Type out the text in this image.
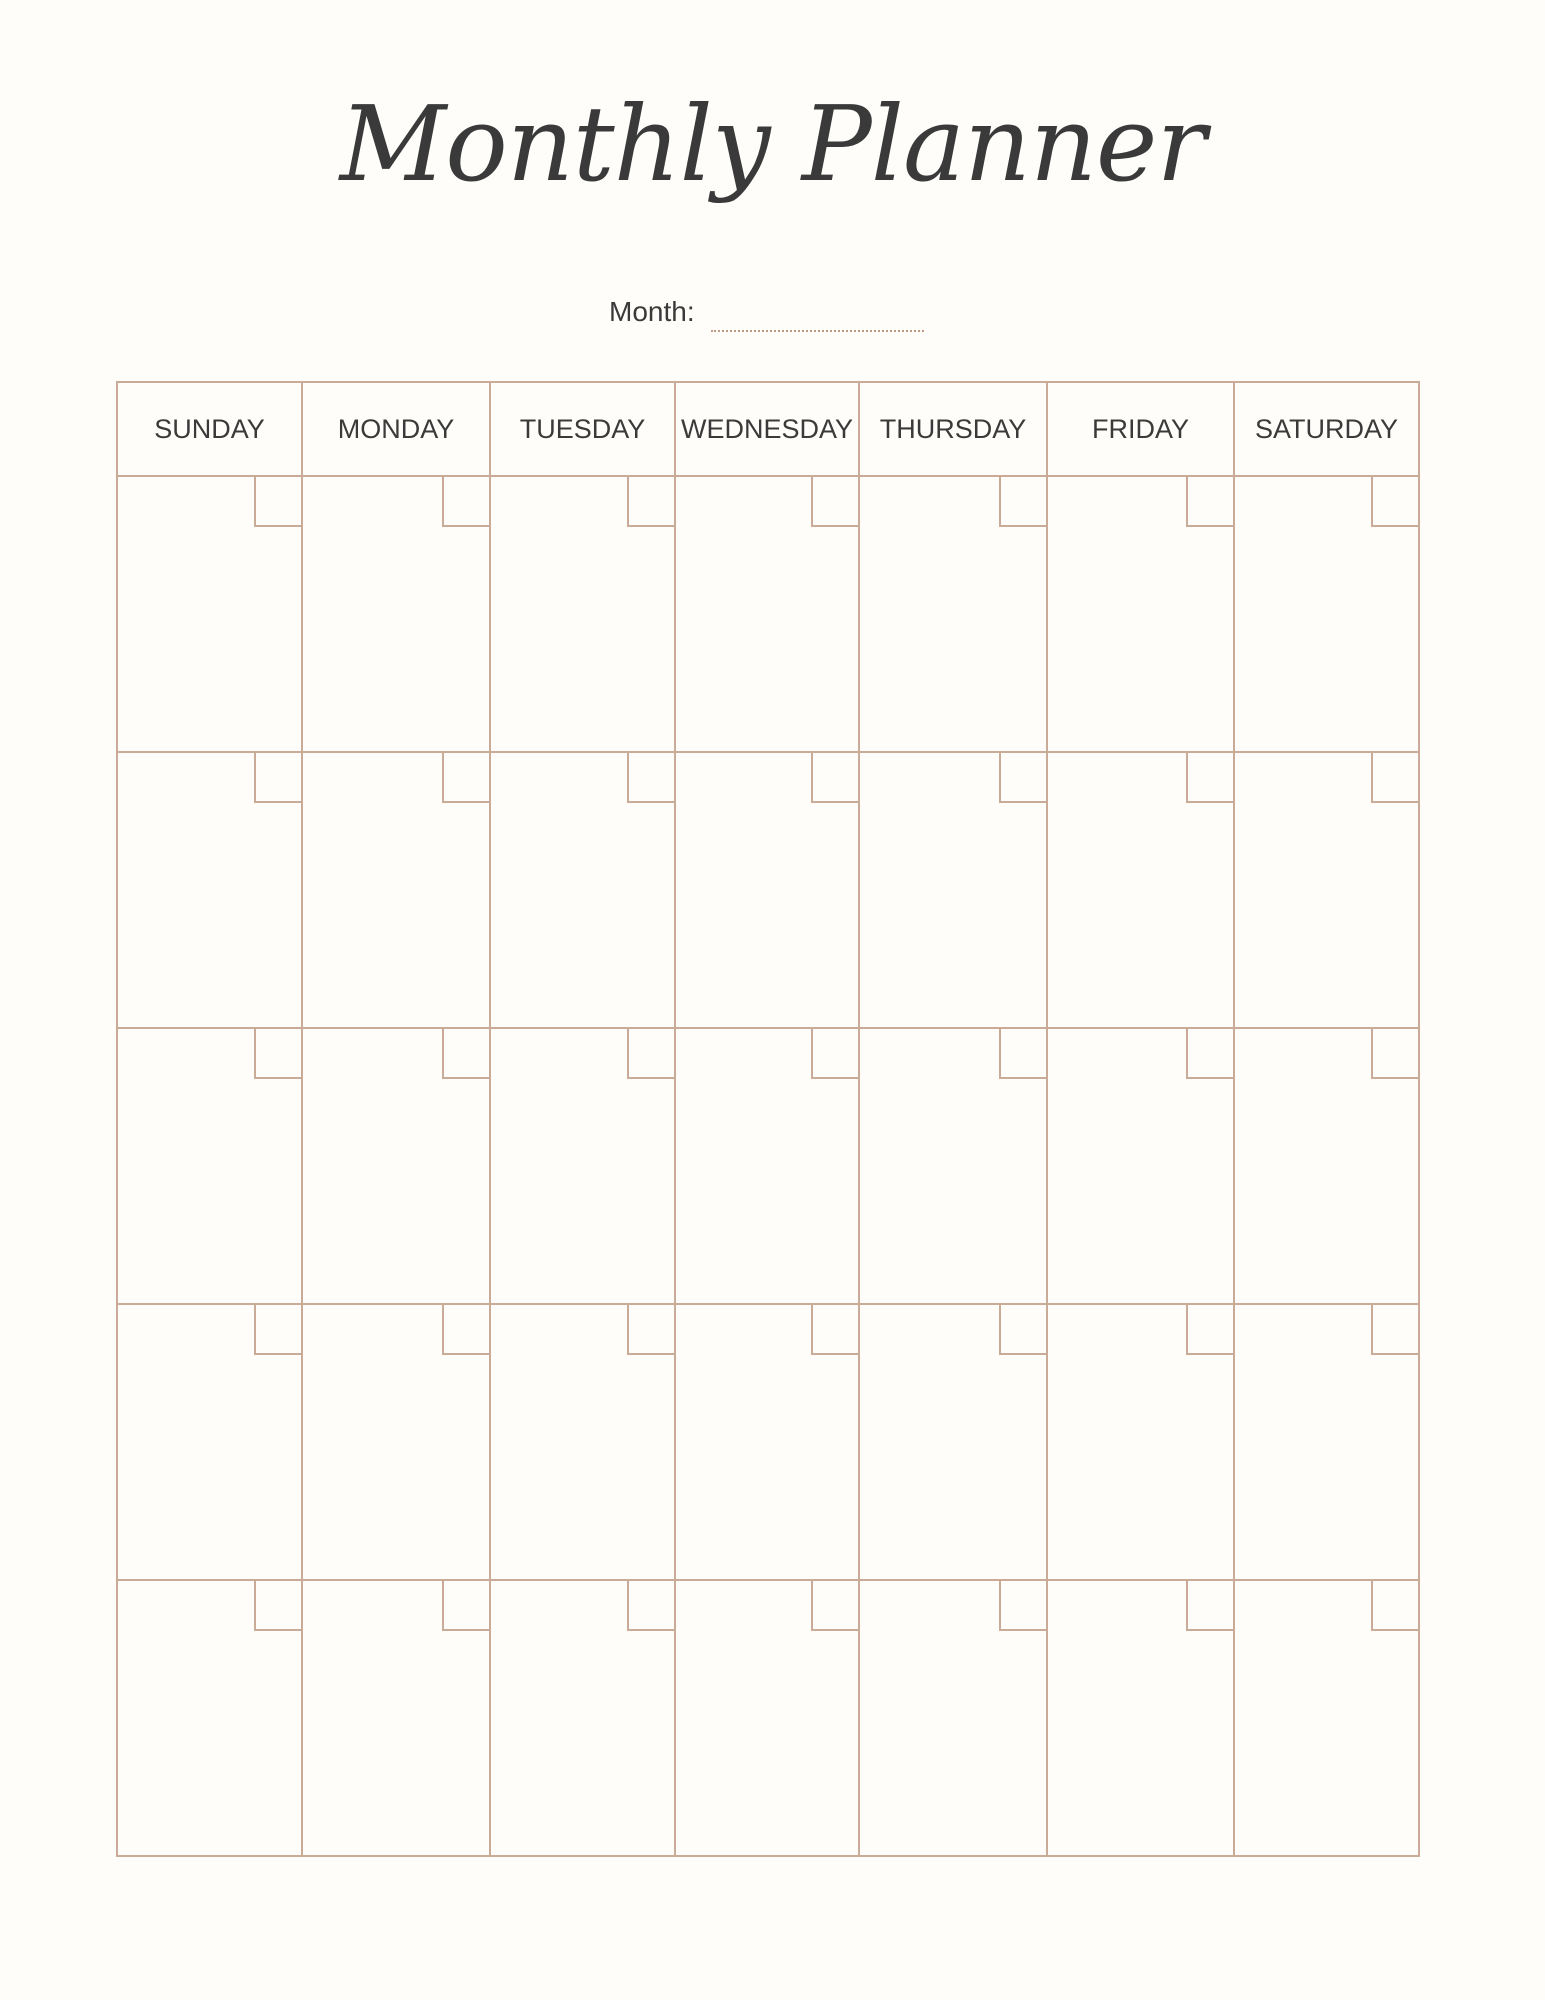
Monthly Planner
Month:
SUNDAY	MONDAY	TUESDAY	WEDNESDAY	THURSDAY	FRIDAY	SATURDAY
